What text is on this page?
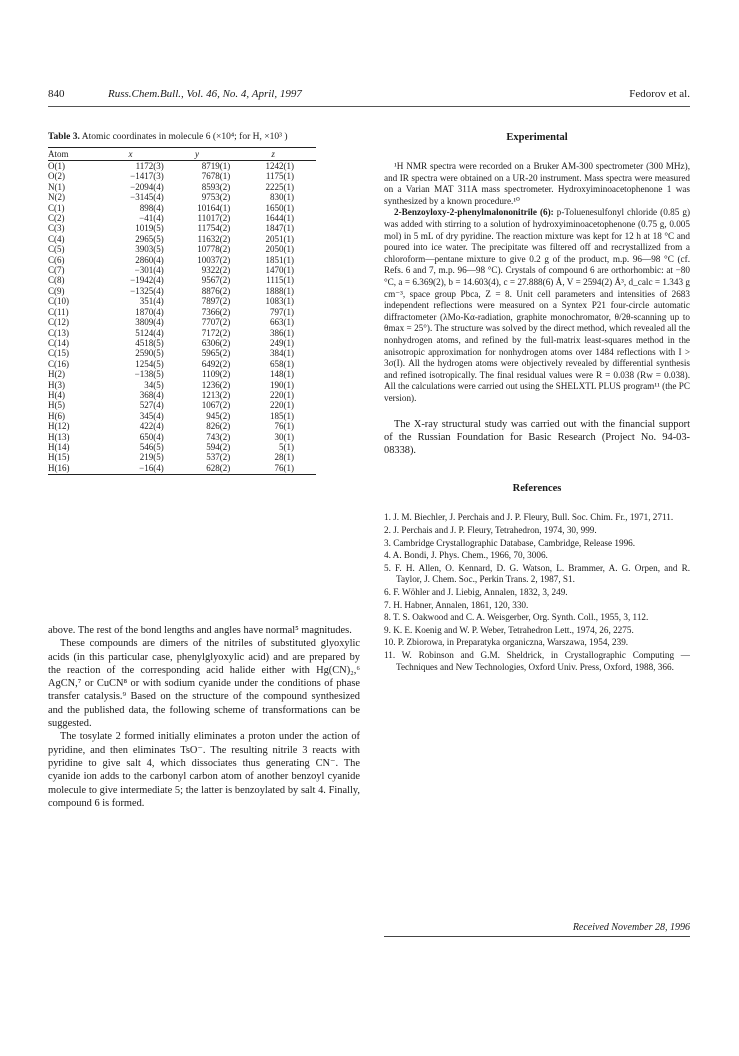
840	Russ.Chem.Bull., Vol. 46, No. 4, April, 1997	Fedorov et al.
Table 3. Atomic coordinates in molecule 6 (×10⁴; for H, ×10³ )
Atom	x	y	z
O(1)	1172(3)	8719(1)	1242(1)
O(2)	−1417(3)	7678(1)	1175(1)
N(1)	−2094(4)	8593(2)	2225(1)
N(2)	−3145(4)	9753(2)	830(1)
C(1)	898(4)	10164(1)	1650(1)
C(2)	−41(4)	11017(2)	1644(1)
C(3)	1019(5)	11754(2)	1847(1)
C(4)	2965(5)	11632(2)	2051(1)
C(5)	3903(5)	10778(2)	2050(1)
C(6)	2860(4)	10037(2)	1851(1)
C(7)	−301(4)	9322(2)	1470(1)
C(8)	−1942(4)	9567(2)	1115(1)
C(9)	−1325(4)	8876(2)	1888(1)
C(10)	351(4)	7897(2)	1083(1)
C(11)	1870(4)	7366(2)	797(1)
C(12)	3809(4)	7707(2)	663(1)
C(13)	5124(4)	7172(2)	386(1)
C(14)	4518(5)	6306(2)	249(1)
C(15)	2590(5)	5965(2)	384(1)
C(16)	1254(5)	6492(2)	658(1)
H(2)	−138(5)	1109(2)	148(1)
H(3)	34(5)	1236(2)	190(1)
H(4)	368(4)	1213(2)	220(1)
H(5)	527(4)	1067(2)	220(1)
H(6)	345(4)	945(2)	185(1)
H(12)	422(4)	826(2)	76(1)
H(13)	650(4)	743(2)	30(1)
H(14)	546(5)	594(2)	5(1)
H(15)	219(5)	537(2)	28(1)
H(16)	−16(4)	628(2)	76(1)

above. The rest of the bond lengths and angles have normal⁵ magnitudes.

These compounds are dimers of the nitriles of substituted glyoxylic acids (in this particular case, phenylglyoxylic acid) and are prepared by the reaction of the corresponding acid halide either with Hg(CN)₂,⁶ AgCN,⁷ or CuCN⁸ or with sodium cyanide under the conditions of phase transfer catalysis.⁹ Based on the structure of the compound synthesized and the published data, the following scheme of transformations can be suggested.

The tosylate 2 formed initially eliminates a proton under the action of pyridine, and then eliminates TsO⁻. The resulting nitrile 3 reacts with pyridine to give salt 4, which dissociates thus generating CN⁻. The cyanide ion adds to the carbonyl carbon atom of another benzoyl cyanide molecule to give intermediate 5; the latter is benzoylated by salt 4. Finally, compound 6 is formed.

Experimental

¹H NMR spectra were recorded on a Bruker AM-300 spectrometer (300 MHz), and IR spectra were obtained on a UR-20 instrument. Mass spectra were measured on a Varian MAT 311A mass spectrometer. Hydroxyiminoacetophenone 1 was synthesized by a known procedure.¹⁰

2-Benzoyloxy-2-phenylmalononitrile (6): p-Toluenesulfonyl chloride (0.85 g) was added with stirring to a solution of hydroxyiminoacetophenone (0.75 g, 0.005 mol) in 5 mL of dry pyridine. The reaction mixture was kept for 12 h at 18 °C and poured into ice water. The precipitate was filtered off and recrystallized from a chloroform—pentane mixture to give 0.2 g of the product, m.p. 96—98 °C (cf. Refs. 6 and 7, m.p. 96—98 °C). Crystals of compound 6 are orthorhombic: at −80 °C, a = 6.369(2), b = 14.603(4), c = 27.888(6) Å, V = 2594(2) Å³, d_calc = 1.343 g cm⁻³, space group Pbca, Z = 8. Unit cell parameters and intensities of 2683 independent reflections were measured on a Syntex P21 four-circle automatic diffractometer (λMo-Kα-radiation, graphite monochromator, θ/2θ-scanning up to θmax = 25°). The structure was solved by the direct method, which revealed all the nonhydrogen atoms, and refined by the full-matrix least-squares method in the anisotropic approximation for nonhydrogen atoms over 1484 reflections with I > 3σ(I). All the hydrogen atoms were objectively revealed by differential synthesis and refined isotropically. The final residual values were R = 0.038 (Rw = 0.038). All the calculations were carried out using the SHELXTL PLUS program¹¹ (the PC version).

The X-ray structural study was carried out with the financial support of the Russian Foundation for Basic Research (Project No. 94-03-08338).

References
1. J. M. Biechler, J. Perchais and J. P. Fleury, Bull. Soc. Chim. Fr., 1971, 2711.
2. J. Perchais and J. P. Fleury, Tetrahedron, 1974, 30, 999.
3. Cambridge Crystallographic Database, Cambridge, Release 1996.
4. A. Bondi, J. Phys. Chem., 1966, 70, 3006.
5. F. H. Allen, O. Kennard, D. G. Watson, L. Brammer, A. G. Orpen, and R. Taylor, J. Chem. Soc., Perkin Trans. 2, 1987, S1.
6. F. Wöhler and J. Liebig, Annalen, 1832, 3, 249.
7. H. Habner, Annalen, 1861, 120, 330.
8. T. S. Oakwood and C. A. Weisgerber, Org. Synth. Coll., 1955, 3, 112.
9. K. E. Koenig and W. P. Weber, Tetrahedron Lett., 1974, 26, 2275.
10. P. Zbiorowa, in Preparatyka organiczna, Warszawa, 1954, 239.
11. W. Robinson and G.M. Sheldrick, in Crystallographic Computing — Techniques and New Technologies, Oxford Univ. Press, Oxford, 1988, 366.
Received November 28, 1996
